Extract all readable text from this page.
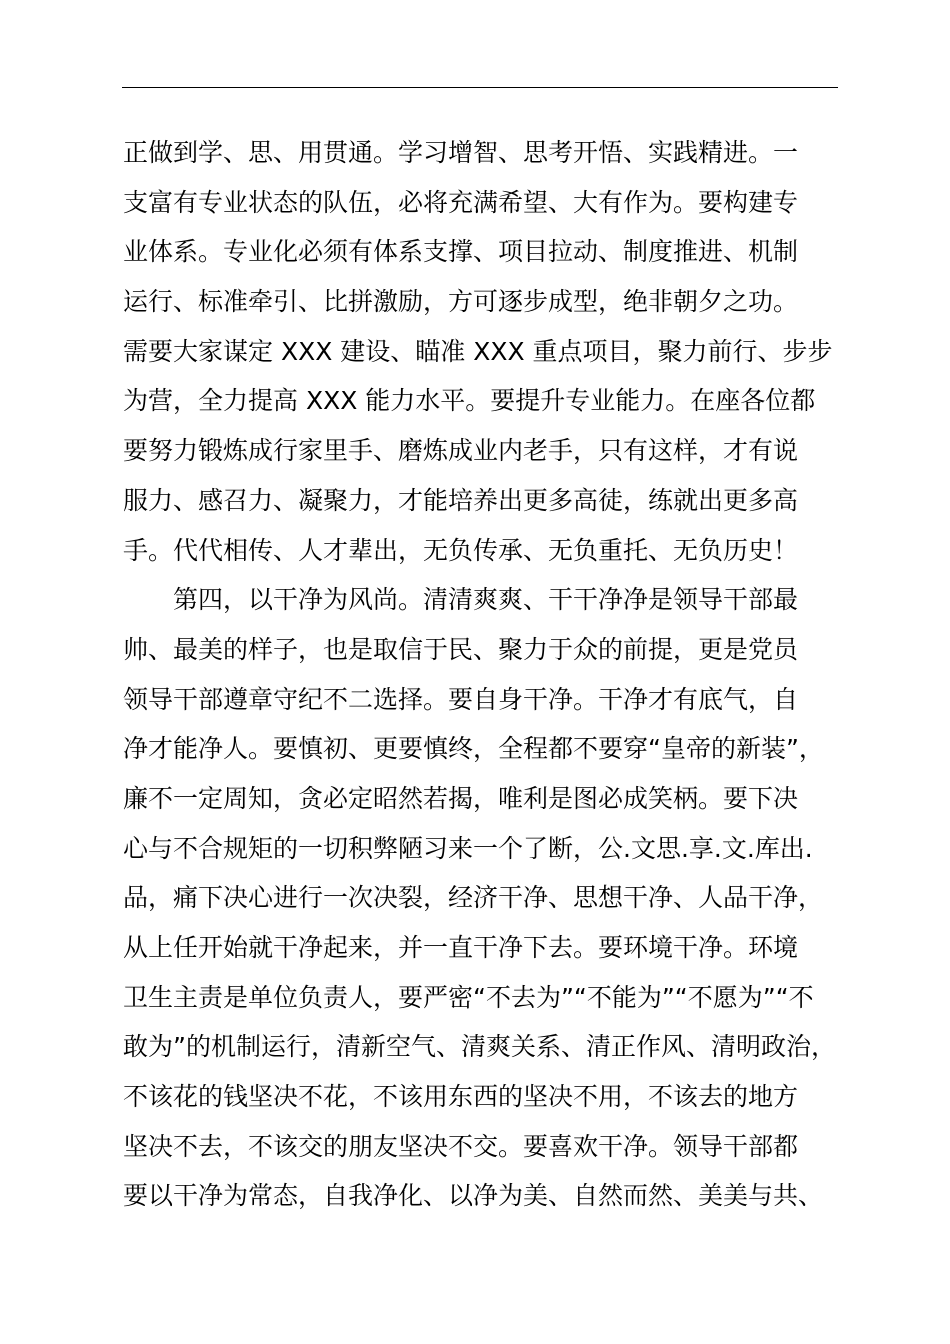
正做到学、思、用贯通。学习增智、思考开悟、实践精进。一
支富有专业状态的队伍，必将充满希望、大有作为。要构建专
业体系。专业化必须有体系支撑、项目拉动、制度推进、机制
运行、标准牵引、比拼激励，方可逐步成型，绝非朝夕之功。
需要大家谋定 XXX 建设、瞄准 XXX 重点项目，聚力前行、步步
为营，全力提高 XXX 能力水平。要提升专业能力。在座各位都
要努力锻炼成行家里手、磨炼成业内老手，只有这样，才有说
服力、感召力、凝聚力，才能培养出更多高徒，练就出更多高
手。代代相传、人才辈出，无负传承、无负重托、无负历史！
第四，以干净为风尚。清清爽爽、干干净净是领导干部最
帅、最美的样子，也是取信于民、聚力于众的前提，更是党员
领导干部遵章守纪不二选择。要自身干净。干净才有底气，自
净才能净人。要慎初、更要慎终，全程都不要穿“皇帝的新装”，
廉不一定周知，贪必定昭然若揭，唯利是图必成笑柄。要下决
心与不合规矩的一切积弊陋习来一个了断，公.文思.享.文.库出.
品，痛下决心进行一次决裂，经济干净、思想干净、人品干净，
从上任开始就干净起来，并一直干净下去。要环境干净。环境
卫生主责是单位负责人，要严密“不去为”“不能为”“不愿为”“不
敢为”的机制运行，清新空气、清爽关系、清正作风、清明政治，
不该花的钱坚决不花，不该用东西的坚决不用，不该去的地方
坚决不去，不该交的朋友坚决不交。要喜欢干净。领导干部都
要以干净为常态，自我净化、以净为美、自然而然、美美与共、
